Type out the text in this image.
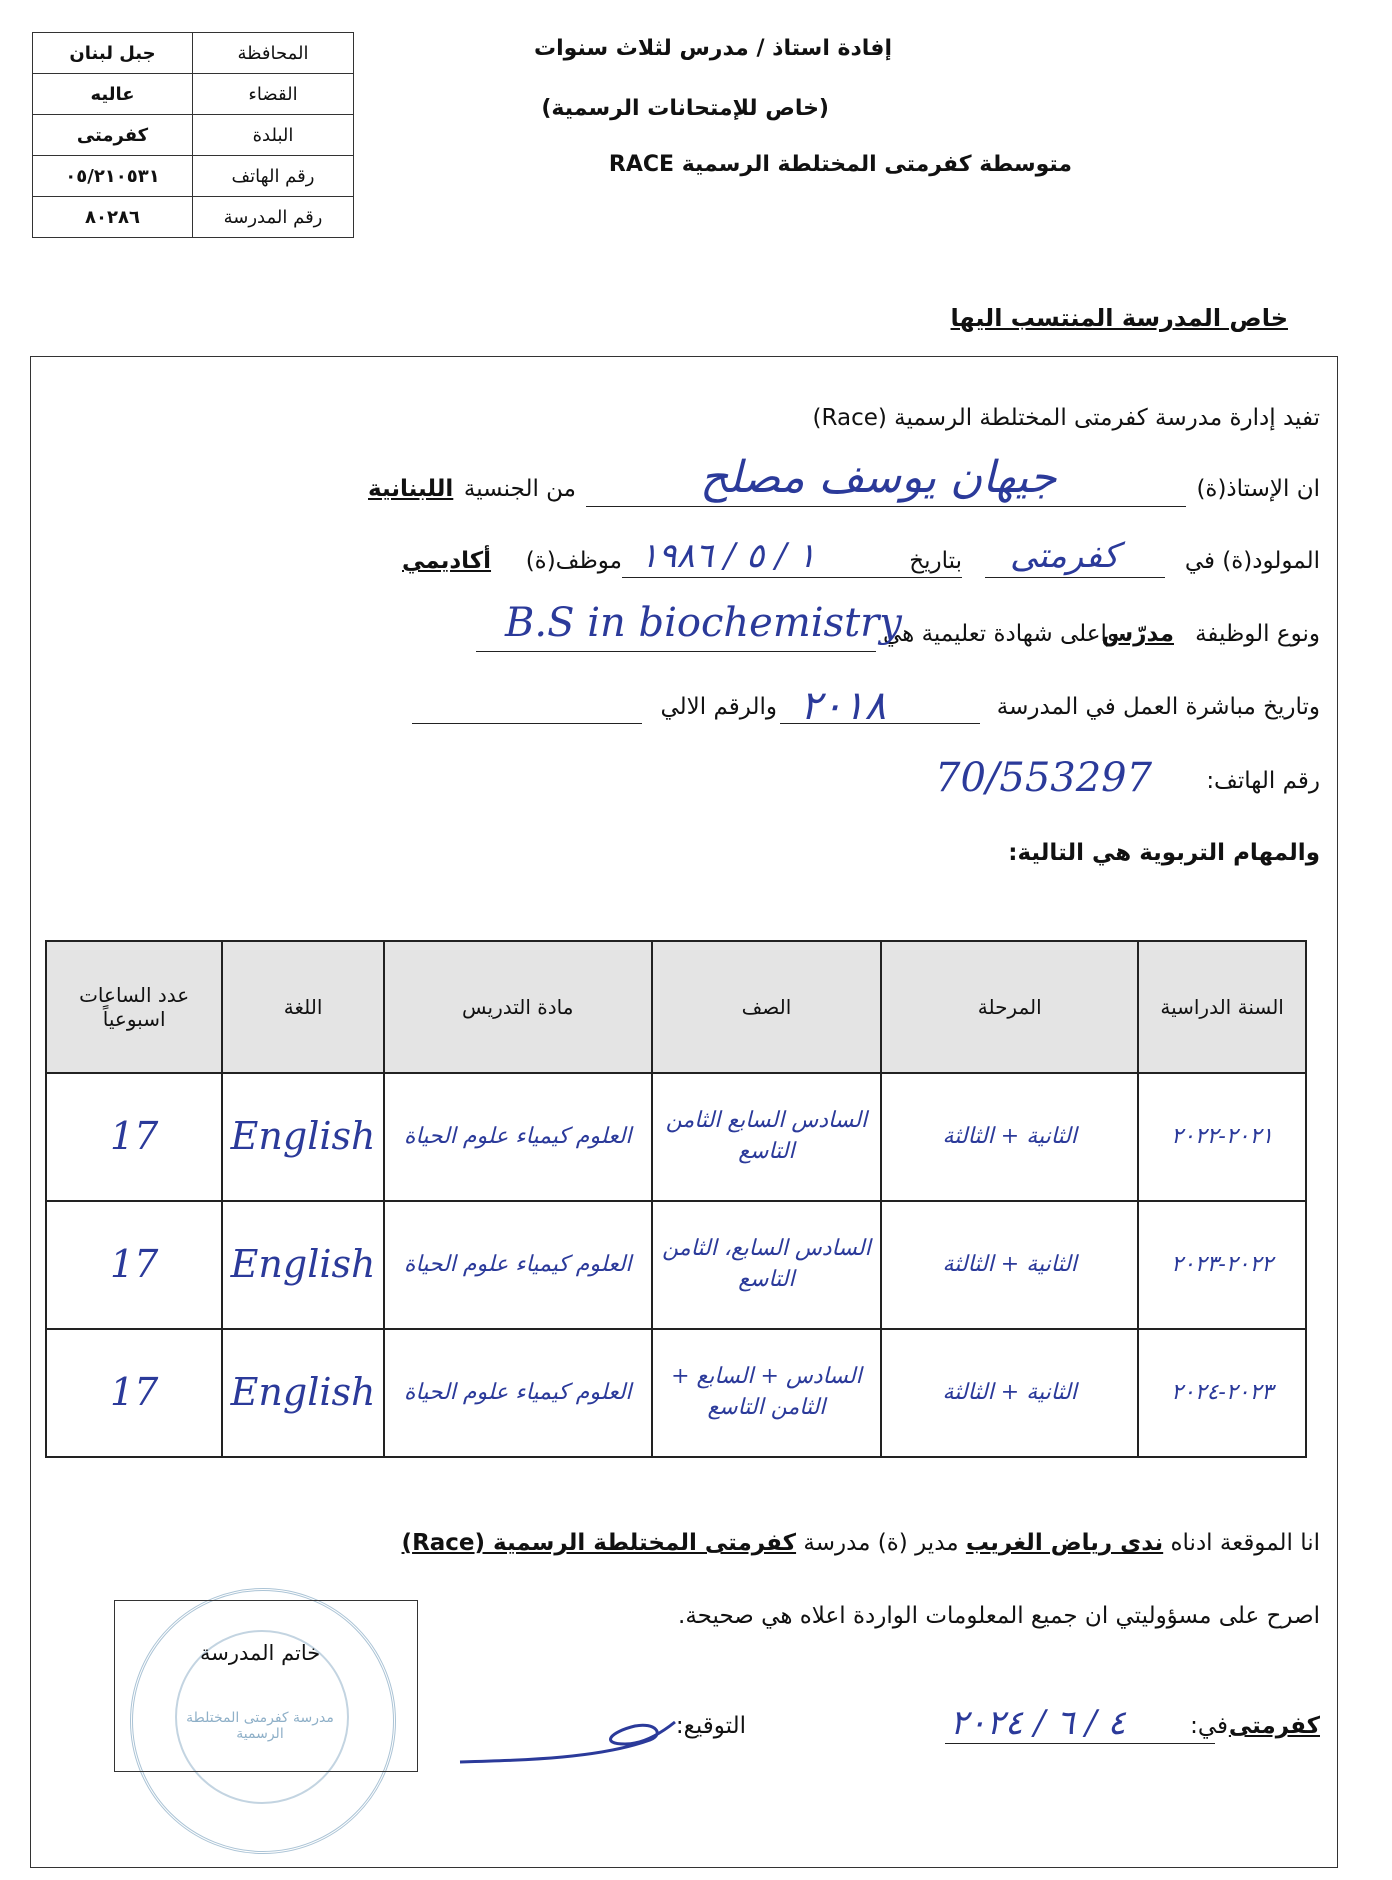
جبل لبنان	المحافظة
عاليه	القضاء
كفرمتى	البلدة
٠٥/٢١٠٥٣١	رقم الهاتف
٨٠٢٨٦	رقم المدرسة
إفادة استاذ / مدرس لثلاث سنوات
(خاص للإمتحانات الرسمية)
متوسطة كفرمتى المختلطة الرسمية RACE
خاص المدرسة المنتسب اليها
تفيد إدارة مدرسة كفرمتى المختلطة الرسمية (Race)
ان الإستاذ(ة)
جيهان يوسف مصلح
من الجنسية
اللبنانية
المولود(ة) في
كفرمتى
بتاريخ
١ / ٥ / ١٩٨٦
موظف(ة)
أكاديمي
ونوع الوظيفة
مدرّس
واعلى شهادة تعليمية هي
B.S in biochemistry
وتاريخ مباشرة العمل في المدرسة
٢٠١٨
والرقم الالي
رقم الهاتف:
70/553297
والمهام التربوية هي التالية:
عدد الساعات اسبوعياً	اللغة	مادة التدريس	الصف	المرحلة	السنة الدراسية
17	English	العلوم كيمياء علوم الحياة	السادس السابع الثامن التاسع	الثانية + الثالثة	٢٠٢١-٢٠٢٢
17	English	العلوم كيمياء علوم الحياة	السادس السابع، الثامن التاسع	الثانية + الثالثة	٢٠٢٢-٢٠٢٣
17	English	العلوم كيمياء علوم الحياة	السادس + السابع + الثامن التاسع	الثانية + الثالثة	٢٠٢٣-٢٠٢٤
انا الموقعة ادناه ندى رياض الغريب مدير (ة) مدرسة كفرمتى المختلطة الرسمية (Race)
اصرح على مسؤوليتي ان جميع المعلومات الواردة اعلاه هي صحيحة.
مدرسة كفرمتى المختلطة الرسمية
خاتم المدرسة
التوقيع:	كفرمتى
في:
٤ / ٦ / ٢٠٢٤
